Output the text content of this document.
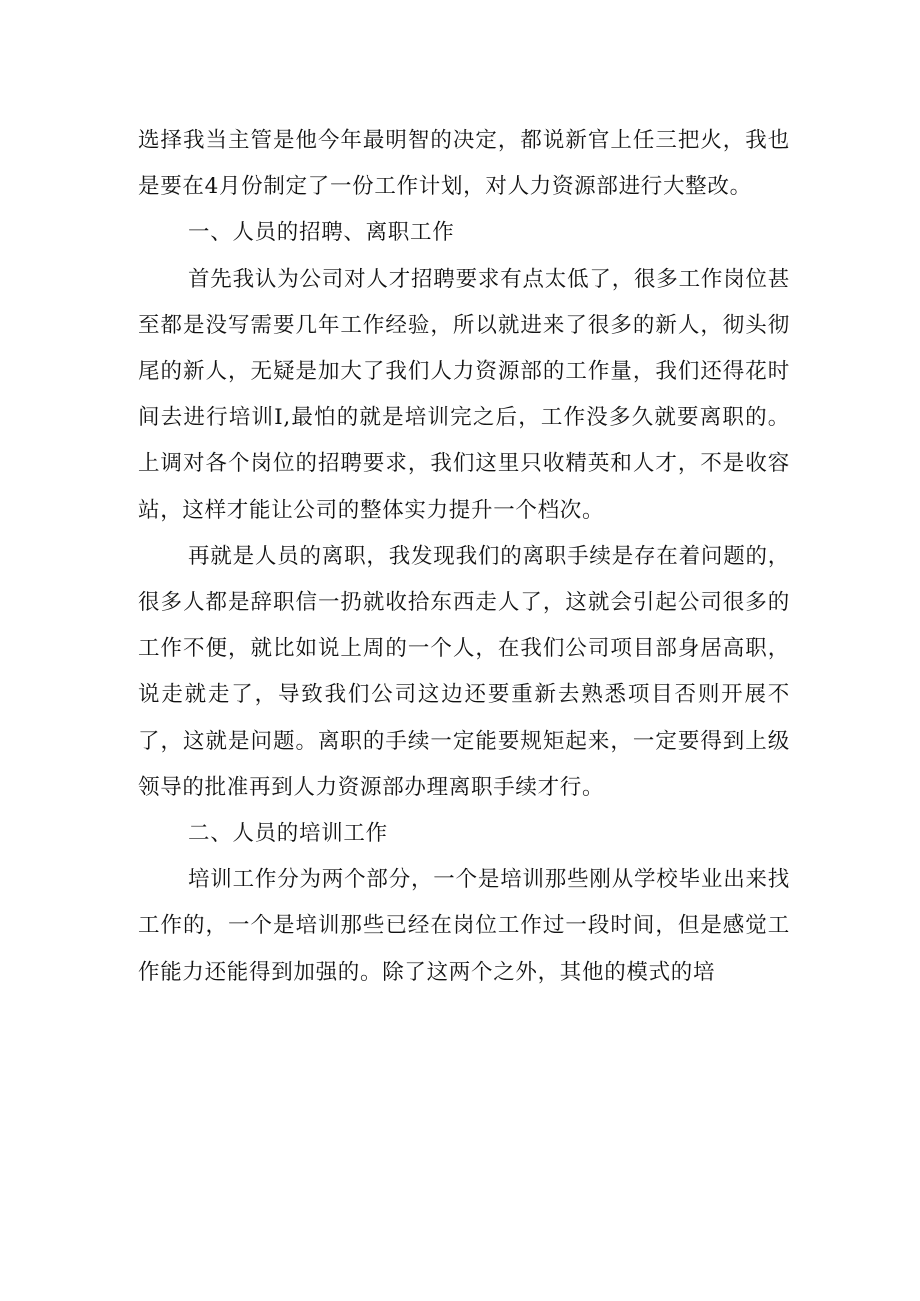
选择我当主管是他今年最明智的决定，都说新官上任三把火，我也是要在4月份制定了一份工作计划，对人力资源部进行大整改。

一、人员的招聘、离职工作

首先我认为公司对人才招聘要求有点太低了，很多工作岗位甚至都是没写需要几年工作经验，所以就进来了很多的新人，彻头彻尾的新人，无疑是加大了我们人力资源部的工作量，我们还得花时间去进行培训I,最怕的就是培训完之后，工作没多久就要离职的。上调对各个岗位的招聘要求，我们这里只收精英和人才，不是收容站，这样才能让公司的整体实力提升一个档次。

再就是人员的离职，我发现我们的离职手续是存在着问题的，很多人都是辞职信一扔就收拾东西走人了，这就会引起公司很多的工作不便，就比如说上周的一个人，在我们公司项目部身居高职，说走就走了，导致我们公司这边还要重新去熟悉项目否则开展不了，这就是问题。离职的手续一定能要规矩起来，一定要得到上级领导的批准再到人力资源部办理离职手续才行。

二、人员的培训工作

培训工作分为两个部分，一个是培训那些刚从学校毕业出来找工作的，一个是培训那些已经在岗位工作过一段时间，但是感觉工作能力还能得到加强的。除了这两个之外，其他的模式的培
